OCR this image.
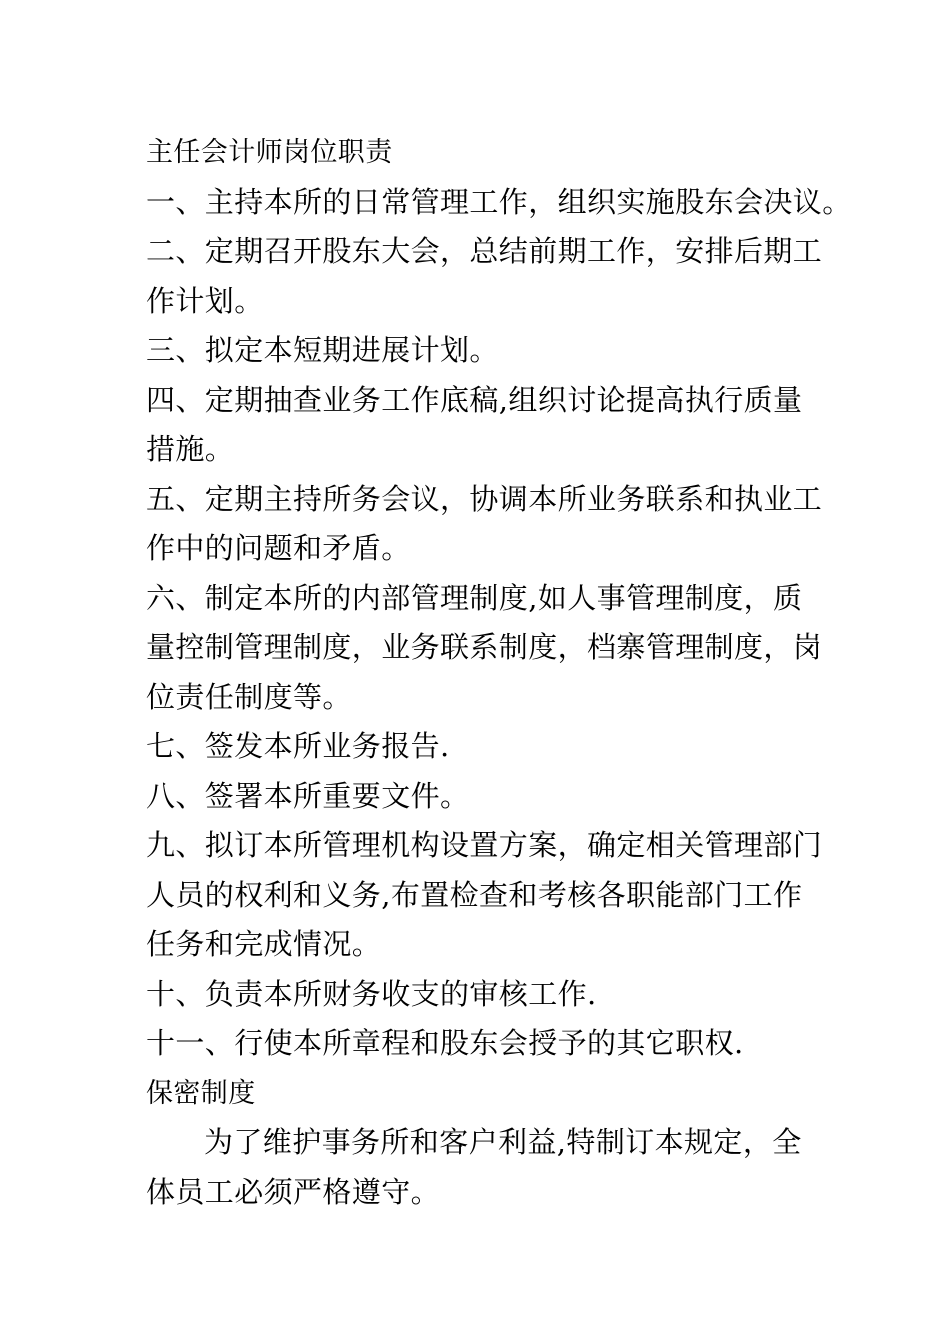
主任会计师岗位职责
一、主持本所的日常管理工作，组织实施股东会决议。
二、定期召开股东大会，总结前期工作，安排后期工
作计划。
三、拟定本短期进展计划。
四、定期抽查业务工作底稿,组织讨论提高执行质量
措施。
五、定期主持所务会议，协调本所业务联系和执业工
作中的问题和矛盾。
六、制定本所的内部管理制度,如人事管理制度，质
量控制管理制度，业务联系制度，档寨管理制度，岗
位责任制度等。
七、签发本所业务报告.
八、签署本所重要文件。
九、拟订本所管理机构设置方案，确定相关管理部门
人员的权利和义务,布置检查和考核各职能部门工作
任务和完成情况。
十、负责本所财务收支的审核工作.
十一、行使本所章程和股东会授予的其它职权.
保密制度
为了维护事务所和客户利益,特制订本规定，全
体员工必须严格遵守。
